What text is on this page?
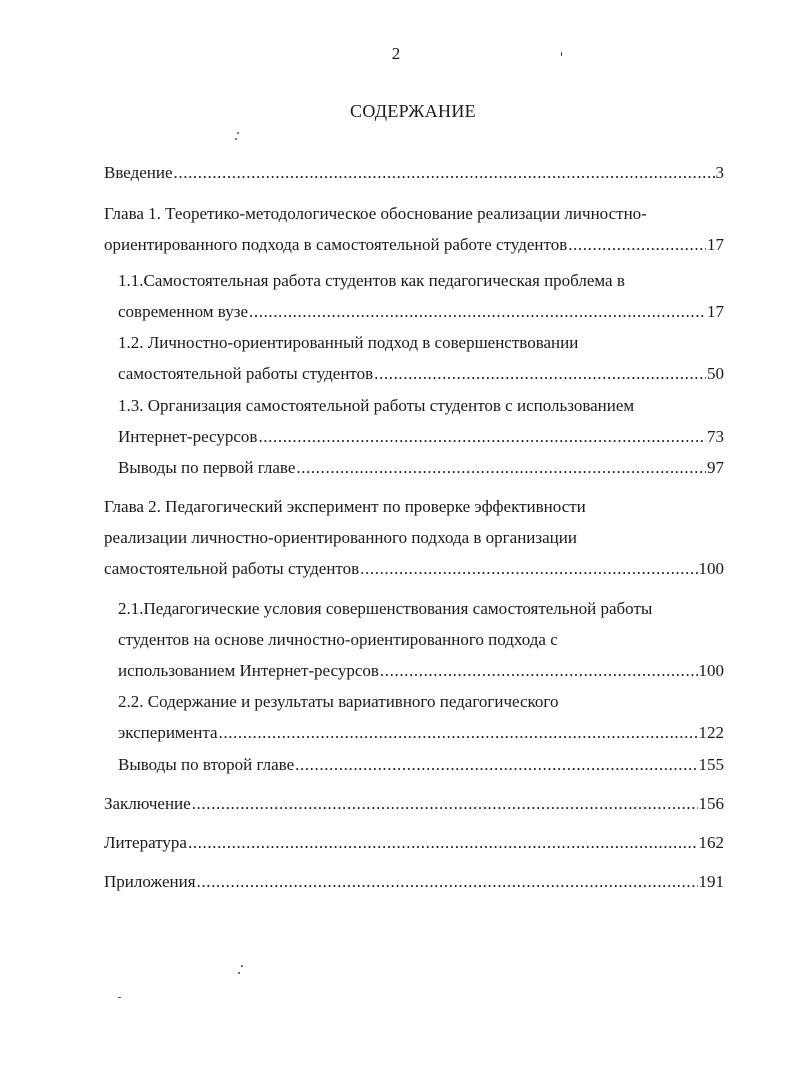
2
СОДЕРЖАНИЕ
Введение .....	3
Глава 1. Теоретико-методологическое обоснование реализации личностно-
ориентированного подхода в самостоятельной работе студентов .....	17
1.1.Самостоятельная работа студентов как педагогическая проблема в
современном вузе .....	17
1.2. Личностно-ориентированный подход в совершенствовании
самостоятельной работы студентов .....	50
1.3. Организация самостоятельной работы студентов с использованием
Интернет-ресурсов .....	73
Выводы по первой главе .....	97
Глава 2. Педагогический эксперимент по проверке эффективности
реализации личностно-ориентированного подхода в организации
самостоятельной работы студентов .....	100
2.1.Педагогические условия совершенствования самостоятельной работы
студентов на основе личностно-ориентированного подхода с
использованием Интернет-ресурсов .....	100
2.2. Содержание и результаты вариативного педагогического
эксперимента .....	122
Выводы по второй главе .....	155
Заключение .....	156
Литература .....	162
Приложения .....	191
